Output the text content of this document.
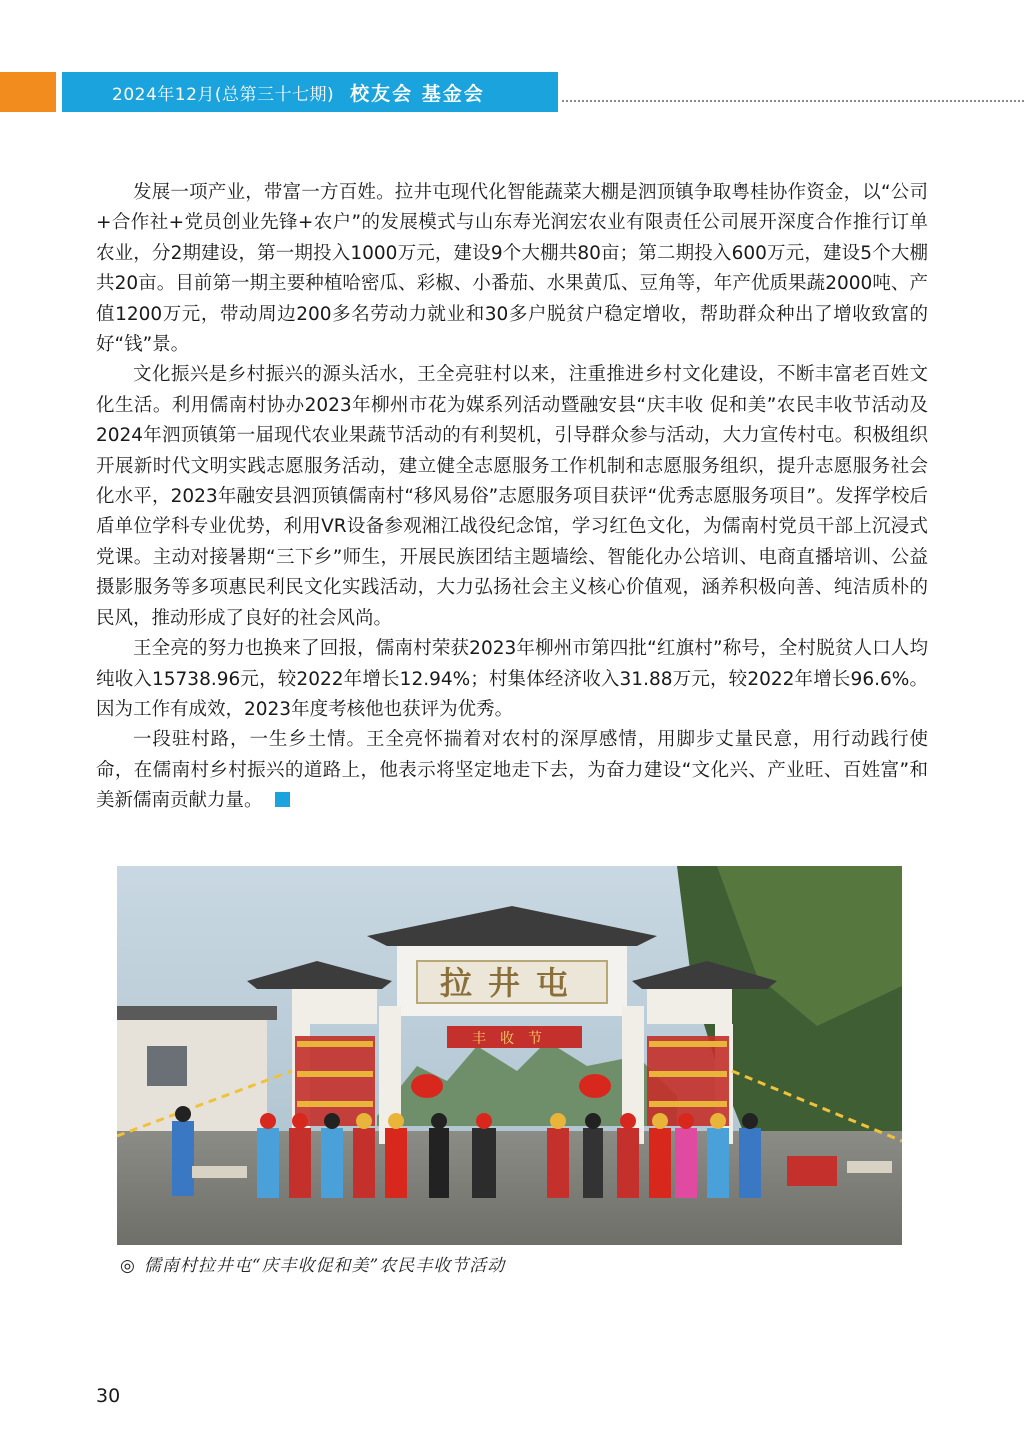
2024年12月(总第三十七期) 校友会 基金会

发展一项产业，带富一方百姓。拉井屯现代化智能蔬菜大棚是泗顶镇争取粤桂协作资金，以“公司+合作社+党员创业先锋+农户”的发展模式与山东寿光润宏农业有限责任公司展开深度合作推行订单农业，分2期建设，第一期投入1000万元，建设9个大棚共80亩；第二期投入600万元，建设5个大棚共20亩。目前第一期主要种植哈密瓜、彩椒、小番茄、水果黄瓜、豆角等，年产优质果蔬2000吨、产值1200万元，带动周边200多名劳动力就业和30多户脱贫户稳定增收，帮助群众种出了增收致富的好“钱”景。

文化振兴是乡村振兴的源头活水，王全亮驻村以来，注重推进乡村文化建设，不断丰富老百姓文化生活。利用儒南村协办2023年柳州市花为媒系列活动暨融安县“庆丰收 促和美”农民丰收节活动及2024年泗顶镇第一届现代农业果蔬节活动的有利契机，引导群众参与活动，大力宣传村屯。积极组织开展新时代文明实践志愿服务活动，建立健全志愿服务工作机制和志愿服务组织，提升志愿服务社会化水平，2023年融安县泗顶镇儒南村“移风易俗”志愿服务项目获评“优秀志愿服务项目”。发挥学校后盾单位学科专业优势，利用VR设备参观湘江战役纪念馆，学习红色文化，为儒南村党员干部上沉浸式党课。主动对接暑期“三下乡”师生，开展民族团结主题墙绘、智能化办公培训、电商直播培训、公益摄影服务等多项惠民利民文化实践活动，大力弘扬社会主义核心价值观，涵养积极向善、纯洁质朴的民风，推动形成了良好的社会风尚。

王全亮的努力也换来了回报，儒南村荣获2023年柳州市第四批“红旗村”称号，全村脱贫人口人均纯收入15738.96元，较2022年增长12.94%；村集体经济收入31.88万元，较2022年增长96.6%。因为工作有成效，2023年度考核他也获评为优秀。

一段驻村路，一生乡土情。王全亮怀揣着对农村的深厚感情，用脚步丈量民意，用行动践行使命，在儒南村乡村振兴的道路上，他表示将坚定地走下去，为奋力建设“文化兴、产业旺、百姓富”和美新儒南贡献力量。

拉井屯
丰收节
◎ 儒南村拉井屯“庆丰收促和美”农民丰收节活动
30
